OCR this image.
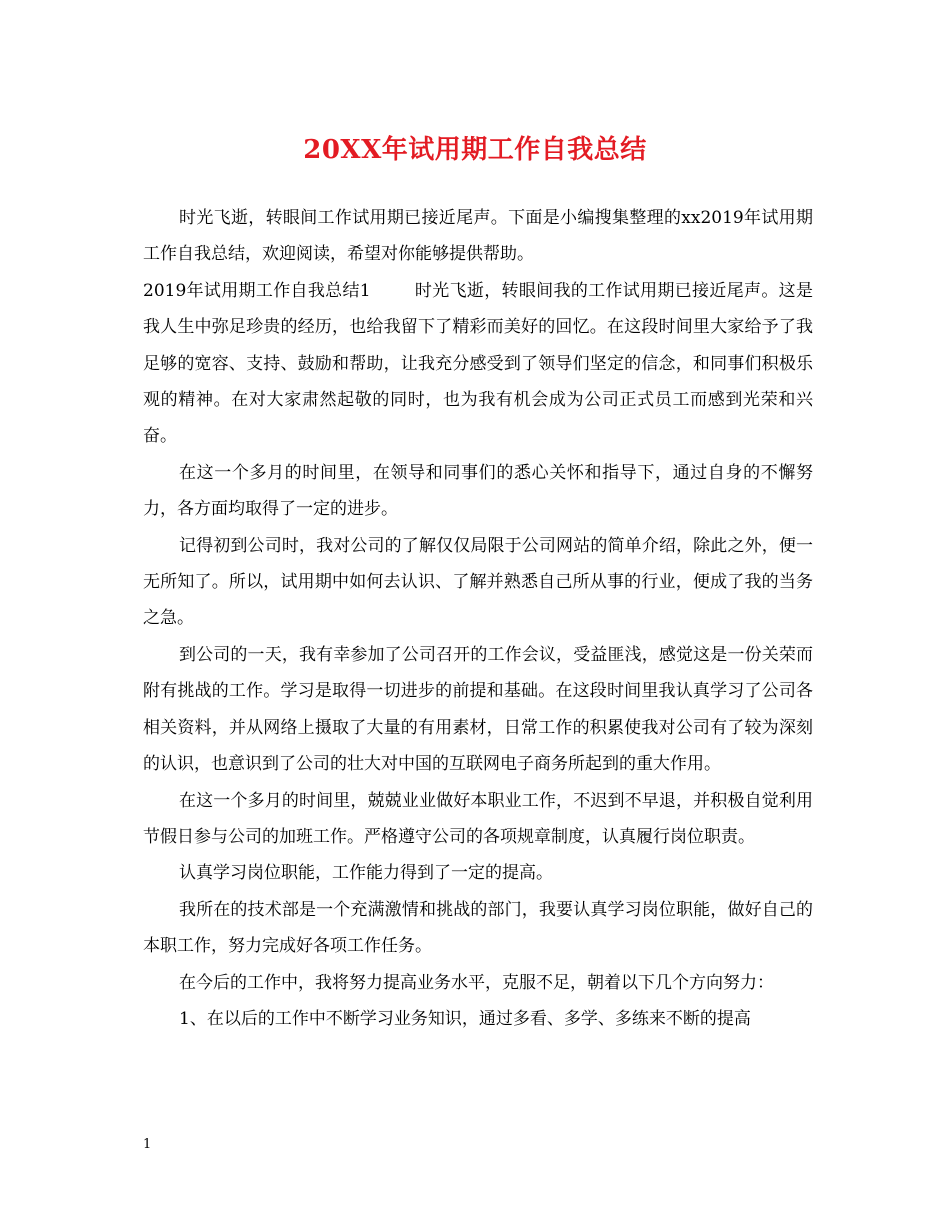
20XX年试用期工作自我总结

时光飞逝，转眼间工作试用期已接近尾声。下面是小编搜集整理的xx2019年试用期工作自我总结，欢迎阅读，希望对你能够提供帮助。

2019年试用期工作自我总结1	时光飞逝，转眼间我的工作试用期已接近尾声。这是我人生中弥足珍贵的经历，也给我留下了精彩而美好的回忆。在这段时间里大家给予了我足够的宽容、支持、鼓励和帮助，让我充分感受到了领导们坚定的信念，和同事们积极乐观的精神。在对大家肃然起敬的同时，也为我有机会成为公司正式员工而感到光荣和兴奋。

在这一个多月的时间里，在领导和同事们的悉心关怀和指导下，通过自身的不懈努力，各方面均取得了一定的进步。

记得初到公司时，我对公司的了解仅仅局限于公司网站的简单介绍，除此之外，便一无所知了。所以，试用期中如何去认识、了解并熟悉自己所从事的行业，便成了我的当务之急。

到公司的一天，我有幸参加了公司召开的工作会议，受益匪浅，感觉这是一份关荣而附有挑战的工作。学习是取得一切进步的前提和基础。在这段时间里我认真学习了公司各相关资料，并从网络上摄取了大量的有用素材，日常工作的积累使我对公司有了较为深刻的认识，也意识到了公司的壮大对中国的互联网电子商务所起到的重大作用。

在这一个多月的时间里，兢兢业业做好本职业工作，不迟到不早退，并积极自觉利用节假日参与公司的加班工作。严格遵守公司的各项规章制度，认真履行岗位职责。

认真学习岗位职能，工作能力得到了一定的提高。

我所在的技术部是一个充满激情和挑战的部门，我要认真学习岗位职能，做好自己的本职工作，努力完成好各项工作任务。

在今后的工作中，我将努力提高业务水平，克服不足，朝着以下几个方向努力：

1、在以后的工作中不断学习业务知识，通过多看、多学、多练来不断的提高

1
